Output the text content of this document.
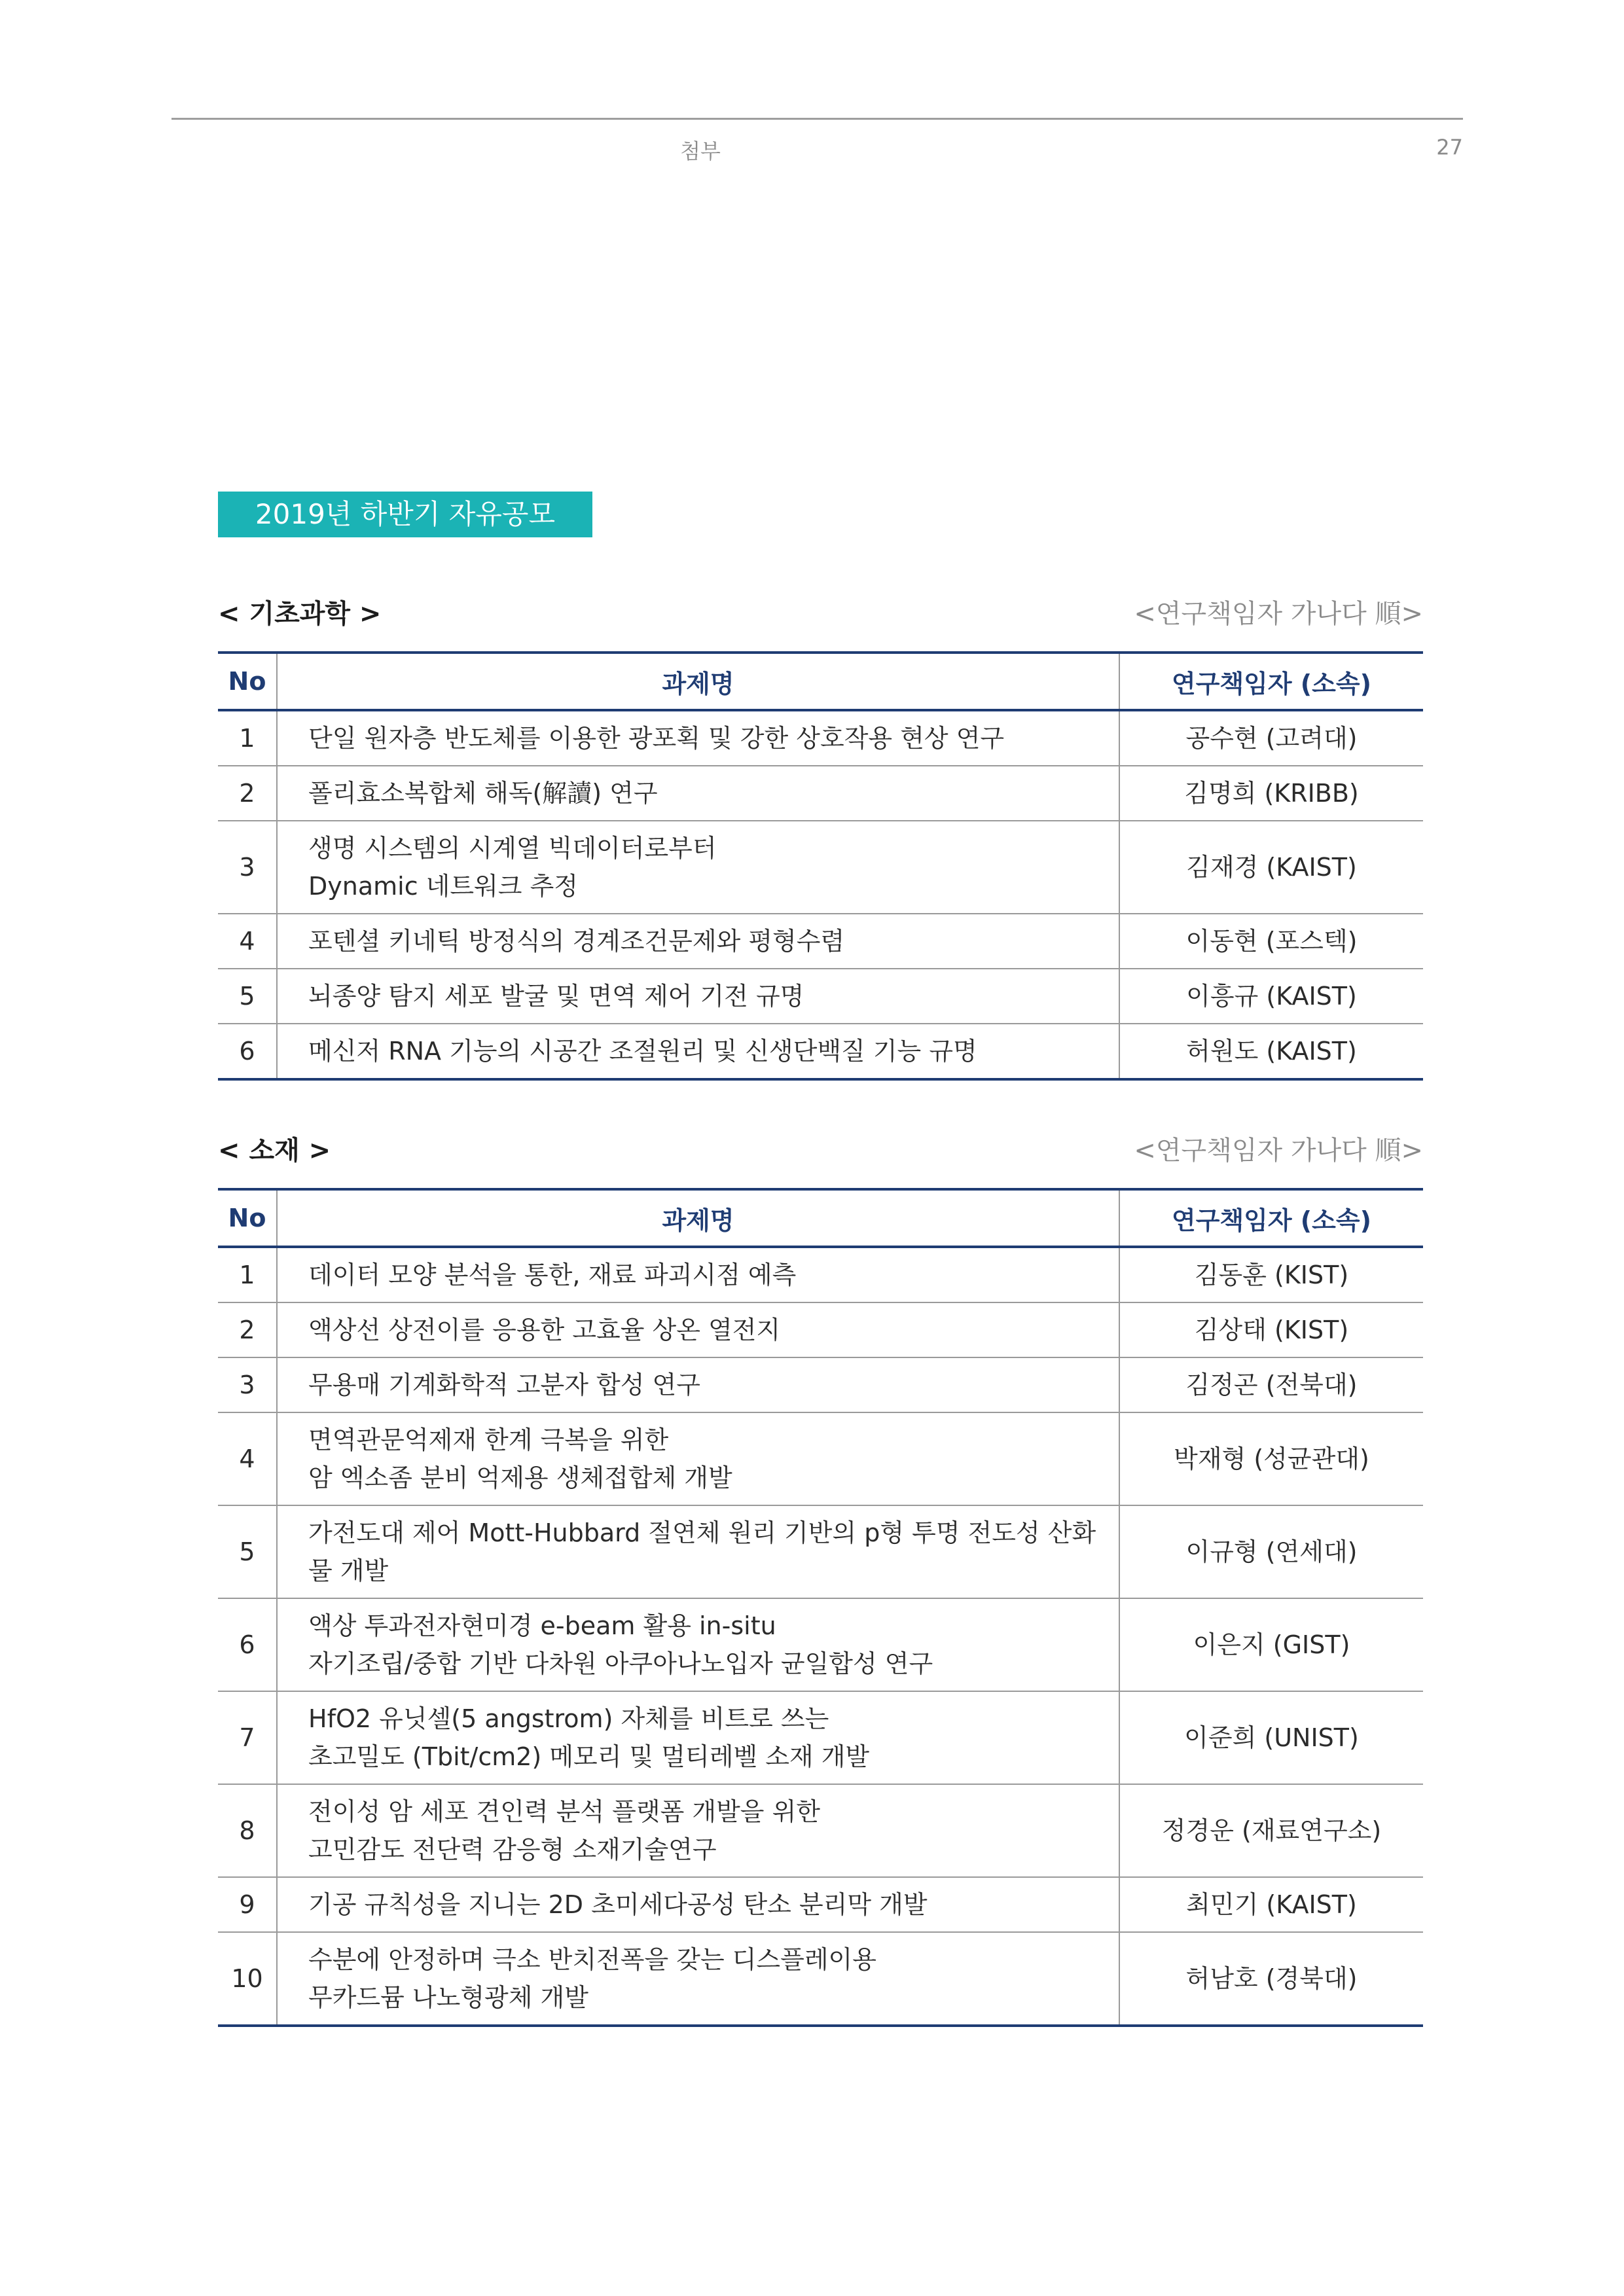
첨부	27
2019년 하반기 자유공모
< 기초과학 >	<연구책임자 가나다 順>
No	과제명	연구책임자 (소속)
1	단일 원자층 반도체를 이용한 광포획 및 강한 상호작용 현상 연구	공수현 (고려대)
2	폴리효소복합체 해독(解讀) 연구	김명희 (KRIBB)
3	생명 시스템의 시계열 빅데이터로부터
Dynamic 네트워크 추정	김재경 (KAIST)
4	포텐셜 키네틱 방정식의 경계조건문제와 평형수렴	이동현 (포스텍)
5	뇌종양 탐지 세포 발굴 및 면역 제어 기전 규명	이흥규 (KAIST)
6	메신저 RNA 기능의 시공간 조절원리 및 신생단백질 기능 규명	허원도 (KAIST)
< 소재 >	<연구책임자 가나다 順>
No	과제명	연구책임자 (소속)
1	데이터 모양 분석을 통한, 재료 파괴시점 예측	김동훈 (KIST)
2	액상선 상전이를 응용한 고효율 상온 열전지	김상태 (KIST)
3	무용매 기계화학적 고분자 합성 연구	김정곤 (전북대)
4	면역관문억제재 한계 극복을 위한
암 엑소좀 분비 억제용 생체접합체 개발	박재형 (성균관대)
5	가전도대 제어 Mott-Hubbard 절연체 원리 기반의 p형 투명 전도성 산화물 개발	이규형 (연세대)
6	액상 투과전자현미경 e-beam 활용 in-situ
자기조립/중합 기반 다차원 아쿠아나노입자 균일합성 연구	이은지 (GIST)
7	HfO2 유닛셀(5 angstrom) 자체를 비트로 쓰는
초고밀도 (Tbit/cm2) 메모리 및 멀티레벨 소재 개발	이준희 (UNIST)
8	전이성 암 세포 견인력 분석 플랫폼 개발을 위한
고민감도 전단력 감응형 소재기술연구	정경운 (재료연구소)
9	기공 규칙성을 지니는 2D 초미세다공성 탄소 분리막 개발	최민기 (KAIST)
10	수분에 안정하며 극소 반치전폭을 갖는 디스플레이용
무카드뮴 나노형광체 개발	허남호 (경북대)
